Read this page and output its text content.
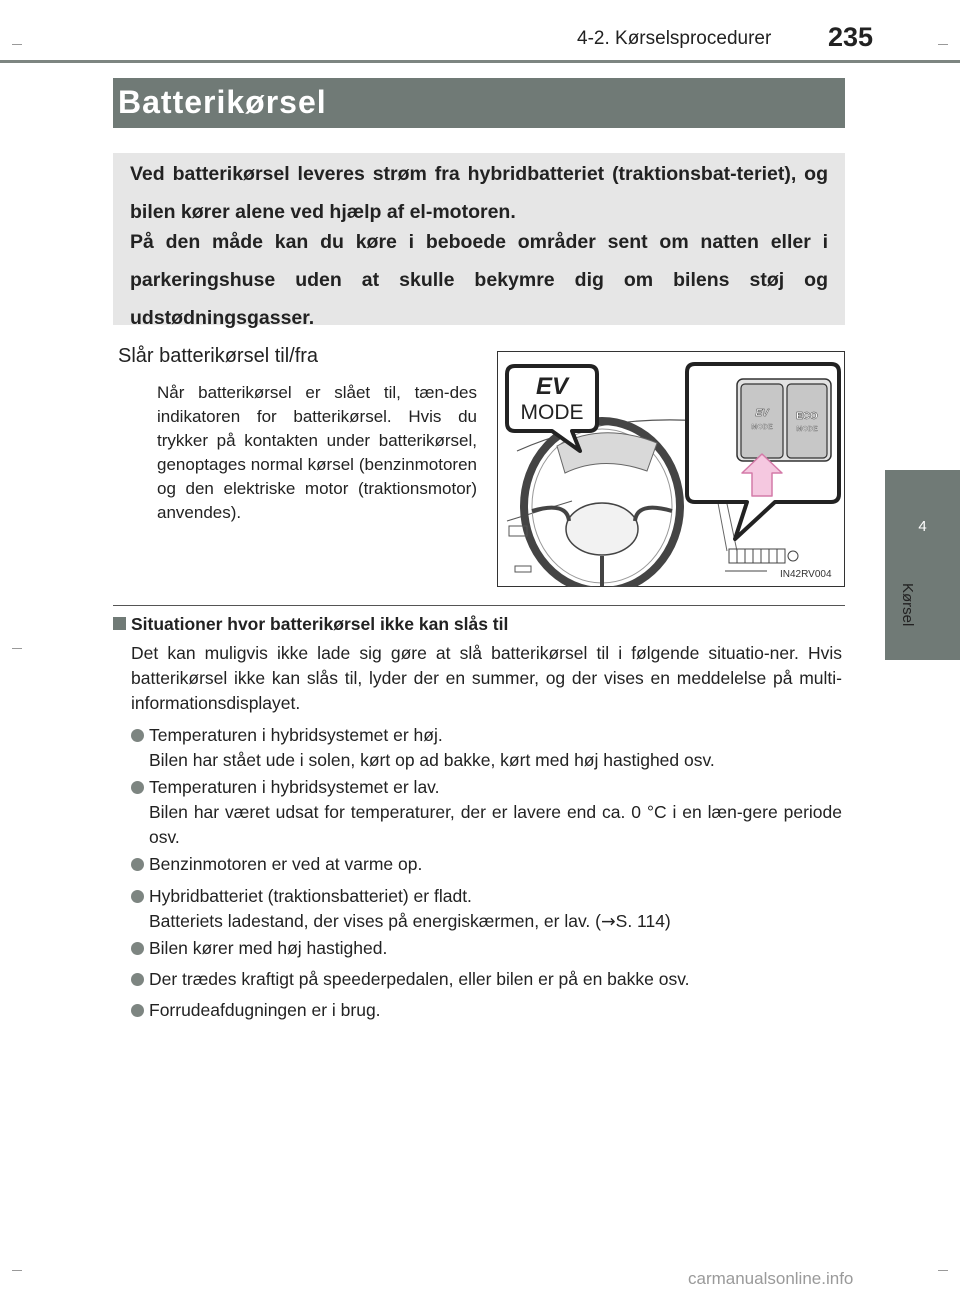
4-2. Kørselsprocedurer 235
4
Kørsel
Batterikørsel
Ved batterikørsel leveres strøm fra hybridbatteriet (traktionsbat-teriet), og bilen kører alene ved hjælp af el-motoren.
På den måde kan du køre i beboede områder sent om natten eller i parkeringshuse uden at skulle bekymre dig om bilens støj og udstødningsgasser.
Slår batterikørsel til/fra
Når batterikørsel er slået til, tæn-des indikatoren for batterikørsel. Hvis du trykker på kontakten under batterikørsel, genoptages normal kørsel (benzinmotoren og den elektriske motor (traktionsmotor) anvendes).
EV
MODE	EV
MODE
ECO
MODE
IN42RV004
Situationer hvor batterikørsel ikke kan slås til
Det kan muligvis ikke lade sig gøre at slå batterikørsel til i følgende situatio-ner. Hvis batterikørsel ikke kan slås til, lyder der en summer, og der vises en meddelelse på multi-informationsdisplayet.
Temperaturen i hybridsystemet er høj.
Bilen har stået ude i solen, kørt op ad bakke, kørt med høj hastighed osv.
Temperaturen i hybridsystemet er lav.
Bilen har været udsat for temperaturer, der er lavere end ca. 0 °C i en læn-gere periode osv.
Benzinmotoren er ved at varme op.
Hybridbatteriet (traktionsbatteriet) er fladt.
Batteriets ladestand, der vises på energiskærmen, er lav. (→S. 114)
Bilen kører med høj hastighed.
Der trædes kraftigt på speederpedalen, eller bilen er på en bakke osv.
Forrudeafdugningen er i brug.
carmanualsonline.info
